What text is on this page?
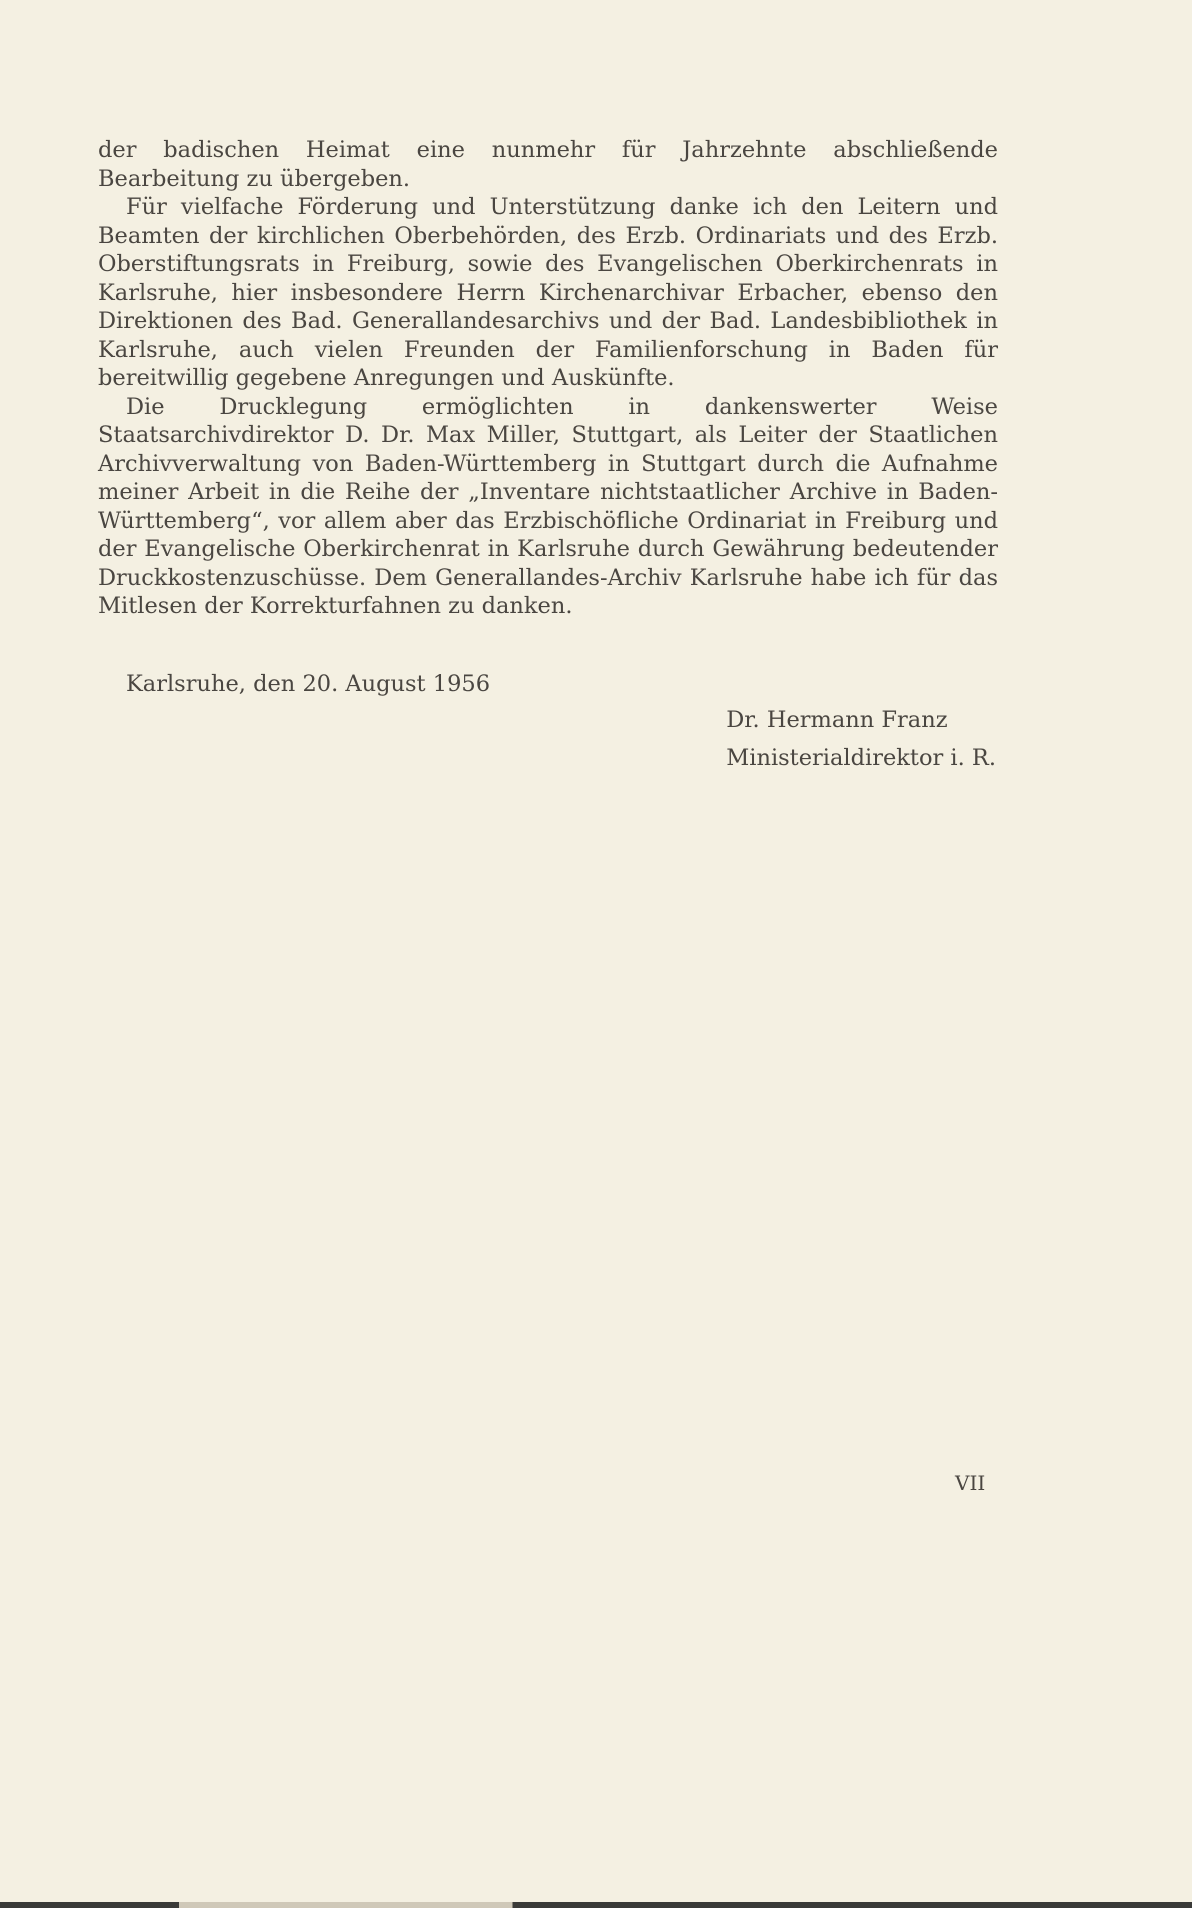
der badischen Heimat eine nunmehr für Jahrzehnte abschließende Bearbeitung zu übergeben.

Für vielfache Förderung und Unterstützung danke ich den Leitern und Beamten der kirchlichen Oberbehörden, des Erzb. Ordinariats und des Erzb. Oberstiftungsrats in Freiburg, sowie des Evangelischen Oberkirchenrats in Karlsruhe, hier insbesondere Herrn Kirchenarchivar Erbacher, ebenso den Direktionen des Bad. Generallandesarchivs und der Bad. Landesbibliothek in Karlsruhe, auch vielen Freunden der Familienforschung in Baden für bereitwillig gegebene Anregungen und Auskünfte.

Die Drucklegung ermöglichten in dankenswerter Weise Staatsarchivdirektor D. Dr. Max Miller, Stuttgart, als Leiter der Staatlichen Archivverwaltung von Baden-Württemberg in Stuttgart durch die Aufnahme meiner Arbeit in die Reihe der „Inventare nichtstaatlicher Archive in Baden-Württemberg“, vor allem aber das Erzbischöfliche Ordinariat in Freiburg und der Evangelische Oberkirchenrat in Karlsruhe durch Gewährung bedeutender Druckkostenzuschüsse. Dem Generallandes-Archiv Karlsruhe habe ich für das Mitlesen der Korrekturfahnen zu danken.

Karlsruhe, den 20. August 1956
Dr. Hermann Franz
Ministerialdirektor i. R.
VII
